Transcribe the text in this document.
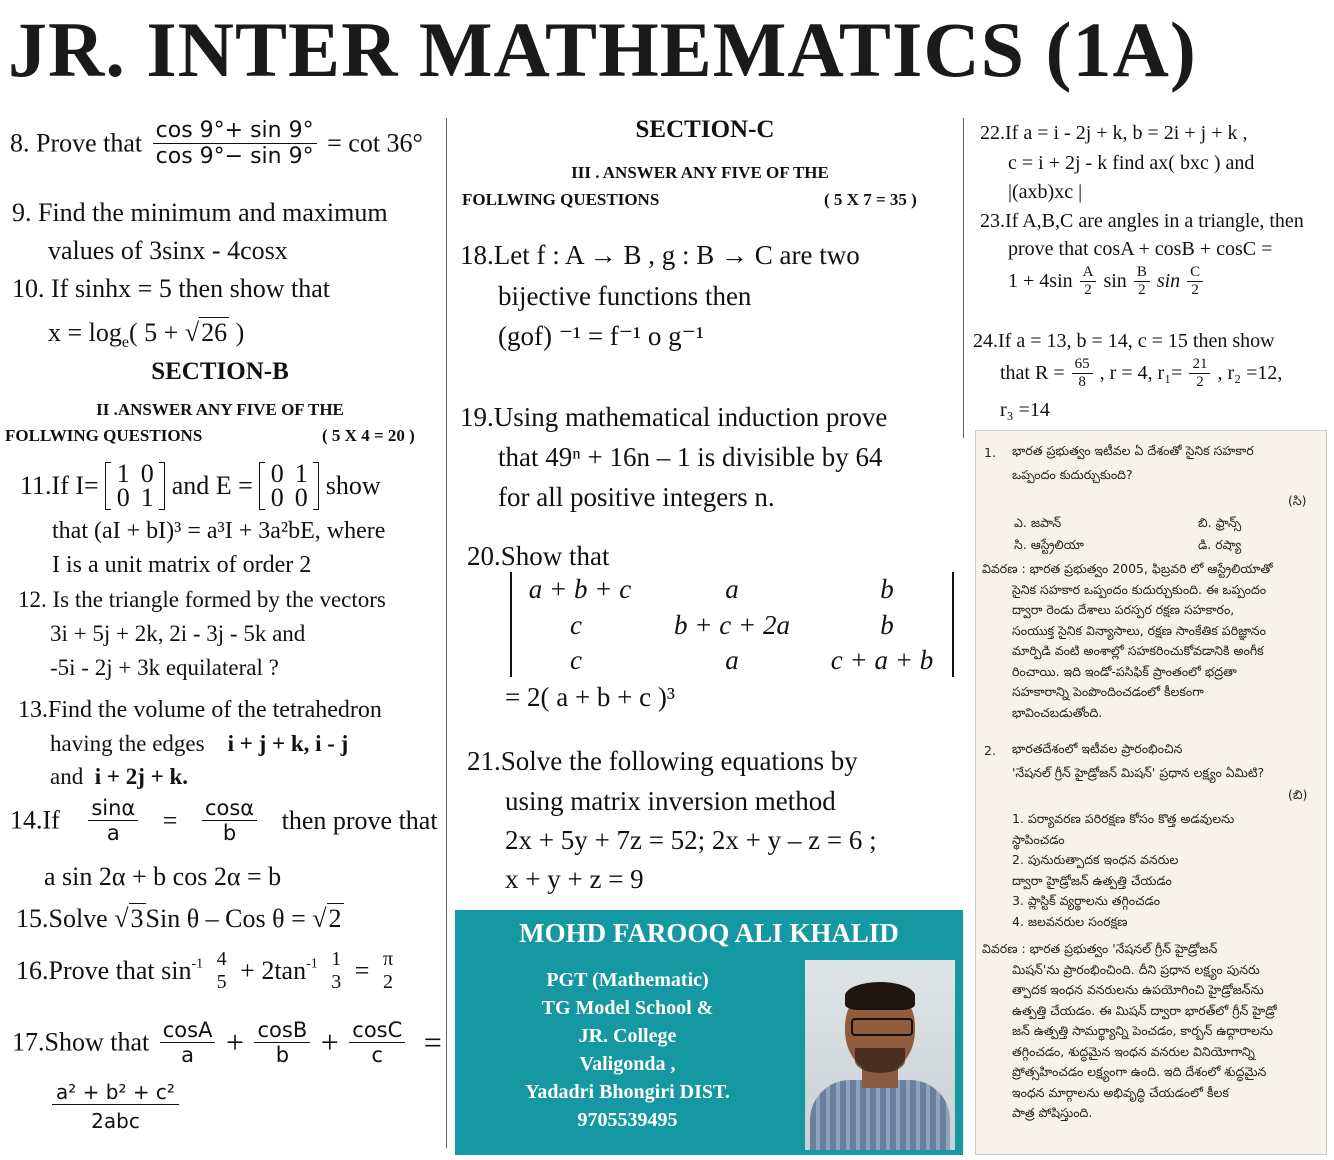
JR. INTER MATHEMATICS (1A)
8. Prove that $\frac{\cos 9^\circ+ \sin 9^\circ}{\cos 9^\circ- \sin 9^\circ} = \cot 36^\circ$
9. Find the minimum and maximum
values of 3sinx - 4cosx
10. If sinhx = 5 then show that
$x = \log_e$( 5 + √26 )
SECTION-B
II .ANSWER ANY FIVE OF THE
FOLLWING QUESTIONS	( 5 X 4 = 20 )
11.If I= 1 0
0 1 and E = 0 1
0 0 show
that (aI + bI)³ = a³I + 3a²bE, where
I is a unit matrix of order 2
12. Is the triangle formed by the vectors
3i + 5j + 2k, 2i - 3j - 5k and
-5i - 2j + 3k equilateral ?
13.Find the volume of the tetrahedron
having the edges i + j + k, i - j
and i + 2j + k.
$14.If \frac{\sin\alpha}{a} = \frac{\cos\alpha}{b}$ then prove that
a sin 2α + b cos 2α = b
15.Solve √3Sin θ – Cos θ = √2
16.Prove that $\sin^{-1} 4$
$5 + 2\tan^{-1}$ 1
3 = π
2
17.Show that $\frac{\cos A}{a} + \frac{\cos B}{b} + \frac{\cos C}{c}$ =
$\frac{\text{a² + b² + c²}}{\text{2abc}}$
SECTION-C
III . ANSWER ANY FIVE OF THE
FOLLWING QUESTIONS	( 5 X 7 = 35 )
18.Let f : A → B , g : B → C are two
bijective functions then
(gof) ⁻¹ = f⁻¹ o g⁻¹
19.Using mathematical induction prove
that 49ⁿ + 16n – 1 is divisible by 64
for all positive integers n.
20.Show that
a + b + c	a	b
c	b + c + 2a	b
c	a	c + a + b
= 2( a + b + c )³
21.Solve the following equations by
using matrix inversion method
2x + 5y + 7z = 52; 2x + y – z = 6 ;
x + y + z = 9
MOHD FAROOQ ALI KHALID
PGT (Mathematic)
TG Model School &
JR. College
Valigonda ,
Yadadri Bhongiri DIST.
9705539495
22.If a = i - 2j + k, b = 2i + j + k ,
c = i + 2j - k find ax( bxc ) and
|(axb)xc |
23.If A,B,C are angles in a triangle, then
prove that cosA + cosB + cosC =
$1 + 4\sin \frac{A}{2}$ $\sin \frac{B}{2}$ $\sin \frac{C}{2}$
24.If a = 13, b = 14, c = 15 then show
that $R = \frac{65}{8}$ , r = 4, $r_1= \frac{21}{2}$ , r₂ =12,
r₃ =14
1. భారత ప్రభుత్వం ఇటీవల ఏ దేశంతో సైనిక సహకార
ఒప్పందం కుదుర్చుకుంది?
(సి)
ఎ. జపాన్	బి. ఫ్రాన్స్
సి. ఆస్ట్రేలియా	డి. రష్యా
వివరణ : భారత ప్రభుత్వం 2005, ఫిబ్రవరి లో ఆస్ట్రేలియాతో
సైనిక సహకార ఒప్పందం కుదుర్చుకుంది. ఈ ఒప్పందం
ద్వారా రెండు దేశాలు పరస్పర రక్షణ సహకారం,
సంయుక్త సైనిక విన్యాసాలు, రక్షణ సాంకేతిక పరిజ్ఞానం
మార్పిడి వంటి అంశాల్లో సహకరించుకోవడానికి అంగీక
రించాయి. ఇది ఇండో-పసిఫిక్ ప్రాంతంలో భద్రతా
సహకారాన్ని పెంపొందించడంలో కీలకంగా
భావించబడుతోంది.
2. భారతదేశంలో ఇటీవల ప్రారంభించిన
'నేషనల్ గ్రీన్ హైడ్రోజన్ మిషన్' ప్రధాన లక్ష్యం ఏమిటి?
(బి)
1. పర్యావరణ పరిరక్షణ కోసం కొత్త అడవులను
స్థాపించడం
2. పునురుత్పాదక ఇంధన వనరుల
ద్వారా హైడ్రోజన్ ఉత్పత్తి చేయడం
3. ప్లాస్టిక్ వ్యర్థాలను తగ్గించడం
4. జలవనరుల సంరక్షణ
వివరణ : భారత ప్రభుత్వం 'నేషనల్ గ్రీన్ హైడ్రోజన్
మిషన్'ను ప్రారంభించింది. దీని ప్రధాన లక్ష్యం పునరు
త్పాదక ఇంధన వనరులను ఉపయోగించి హైడ్రోజన్‌ను
ఉత్పత్తి చేయడం. ఈ మిషన్ ద్వారా భారత్‌లో గ్రీన్ హైడ్రో
జన్ ఉత్పత్తి సామర్థ్యాన్ని పెంచడం, కార్బన్ ఉద్గారాలను
తగ్గించడం, శుద్ధమైన ఇంధన వనరుల వినియోగాన్ని
ప్రోత్సహించడం లక్ష్యంగా ఉంది. ఇది దేశంలో శుద్ధమైన
ఇంధన మార్గాలను అభివృద్ధి చేయడంలో కీలక
పాత్ర పోషిస్తుంది.
